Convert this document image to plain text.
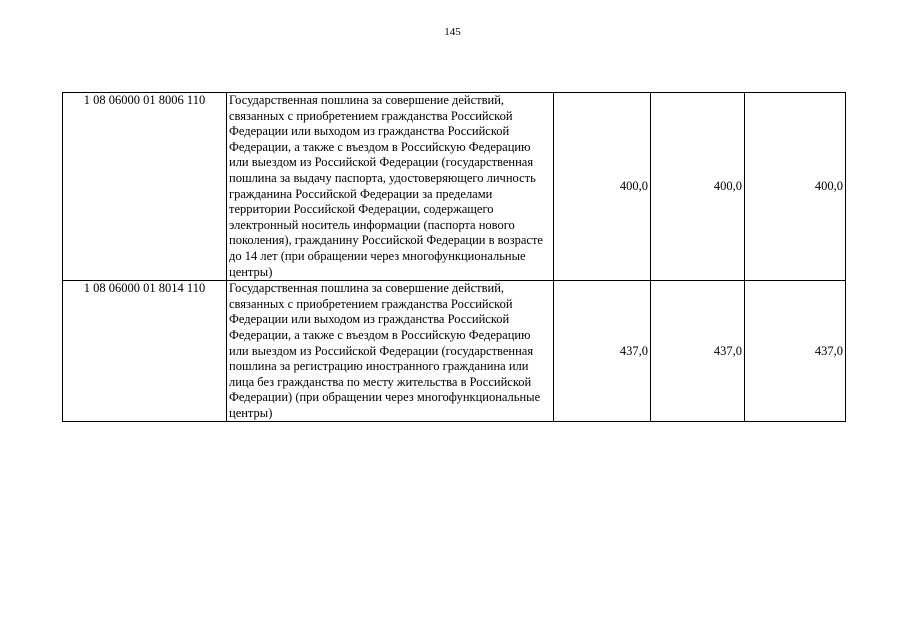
145
1 08 06000 01 8006 110	Государственная пошлина за совершение действий, связанных с приобретением гражданства Российской Федерации или выходом из гражданства Российской Федерации, а также с въездом в Российскую Федерацию или выездом из Российской Федерации (государственная пошлина за выдачу паспорта, удостоверяющего личность гражданина Российской Федерации за пределами территории Российской Федерации, содержащего электронный носитель информации (паспорта нового поколения), гражданину Российской Федерации в возрасте до 14 лет (при обращении через многофункциональные центры)	400,0	400,0	400,0
1 08 06000 01 8014 110	Государственная пошлина за совершение действий, связанных с приобретением гражданства Российской Федерации или выходом из гражданства Российской Федерации, а также с въездом в Российскую Федерацию или выездом из Российской Федерации (государственная пошлина за регистрацию иностранного гражданина или лица без гражданства по месту жительства в Российской Федерации) (при обращении через многофункциональные центры)	437,0	437,0	437,0
